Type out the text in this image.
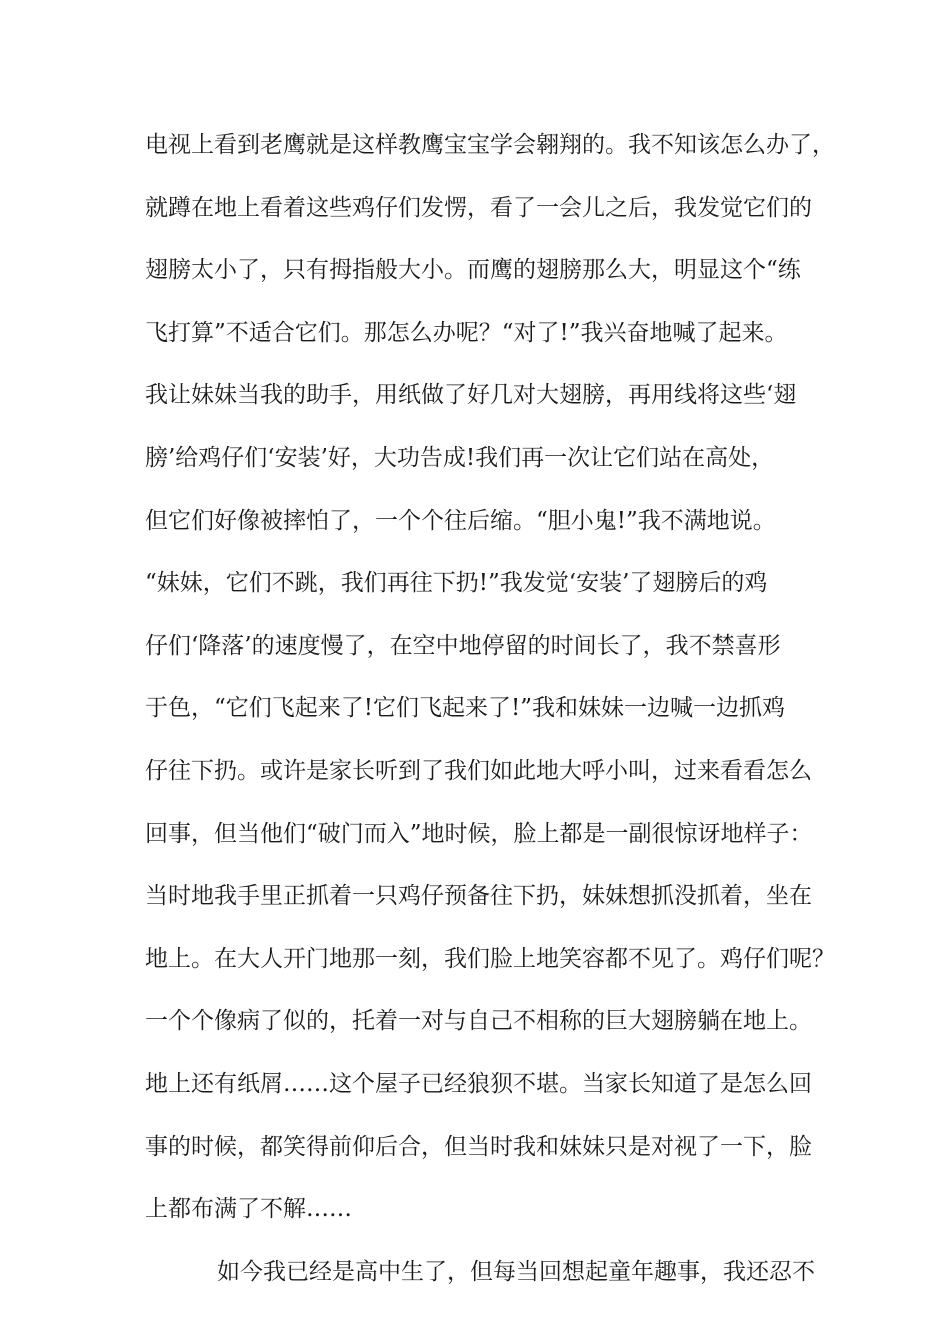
电视上看到老鹰就是这样教鹰宝宝学会翱翔的。我不知该怎么办了，
就蹲在地上看着这些鸡仔们发愣，看了一会儿之后，我发觉它们的
翅膀太小了，只有拇指般大小。而鹰的翅膀那么大，明显这个“练
飞打算”不适合它们。那怎么办呢？“对了!”我兴奋地喊了起来。
我让妹妹当我的助手，用纸做了好几对大翅膀，再用线将这些‘翅
膀’给鸡仔们‘安装’好，大功告成!我们再一次让它们站在高处，
但它们好像被摔怕了，一个个往后缩。“胆小鬼!”我不满地说。
“妹妹，它们不跳，我们再往下扔!”我发觉‘安装’了翅膀后的鸡
仔们‘降落’的速度慢了，在空中地停留的时间长了，我不禁喜形
于色，“它们飞起来了!它们飞起来了!”我和妹妹一边喊一边抓鸡
仔往下扔。或许是家长听到了我们如此地大呼小叫，过来看看怎么
回事，但当他们“破门而入”地时候，脸上都是一副很惊讶地样子：
当时地我手里正抓着一只鸡仔预备往下扔，妹妹想抓没抓着，坐在
地上。在大人开门地那一刻，我们脸上地笑容都不见了。鸡仔们呢？
一个个像病了似的，托着一对与自己不相称的巨大翅膀躺在地上。
地上还有纸屑……这个屋子已经狼狈不堪。当家长知道了是怎么回
事的时候，都笑得前仰后合，但当时我和妹妹只是对视了一下，脸
上都布满了不解……
如今我已经是高中生了，但每当回想起童年趣事，我还忍不
